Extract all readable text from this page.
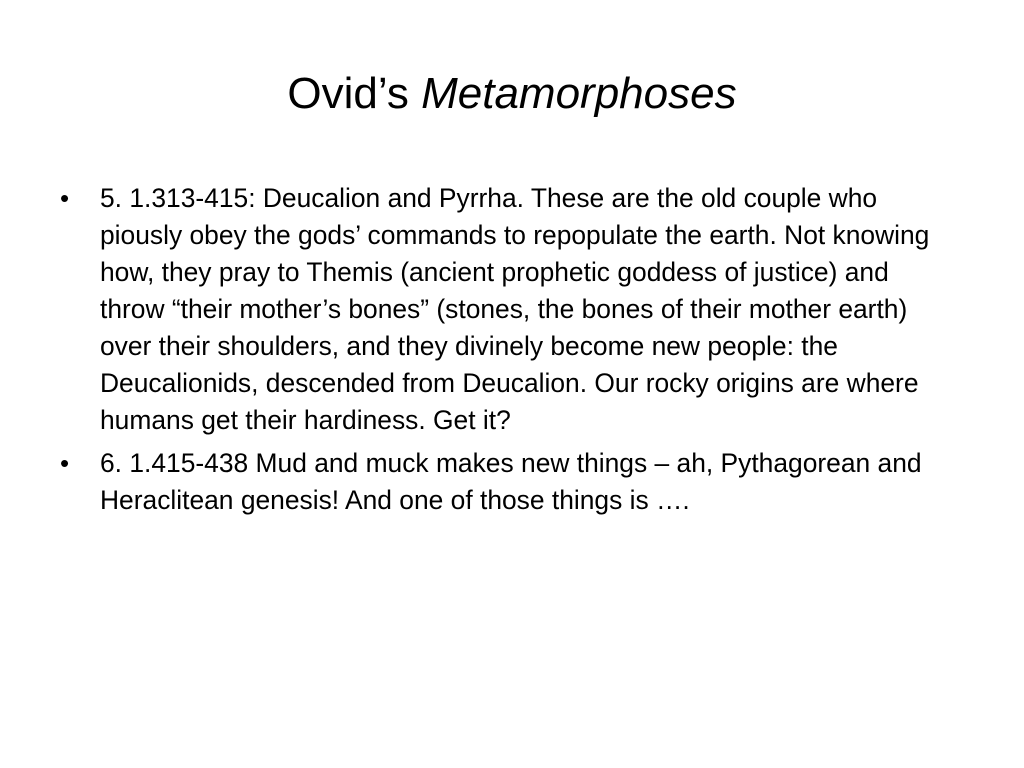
Ovid’s Metamorphoses
•	5. 1.313-415: Deucalion and Pyrrha. These are the old couple who piously obey the gods’ commands to repopulate the earth. Not knowing how, they pray to Themis (ancient prophetic goddess of justice) and throw “their mother’s bones” (stones, the bones of their mother earth) over their shoulders, and they divinely become new people: the Deucalionids, descended from Deucalion. Our rocky origins are where humans get their hardiness. Get it?
•	6. 1.415-438 Mud and muck makes new things – ah, Pythagorean and Heraclitean genesis! And one of those things is ….
